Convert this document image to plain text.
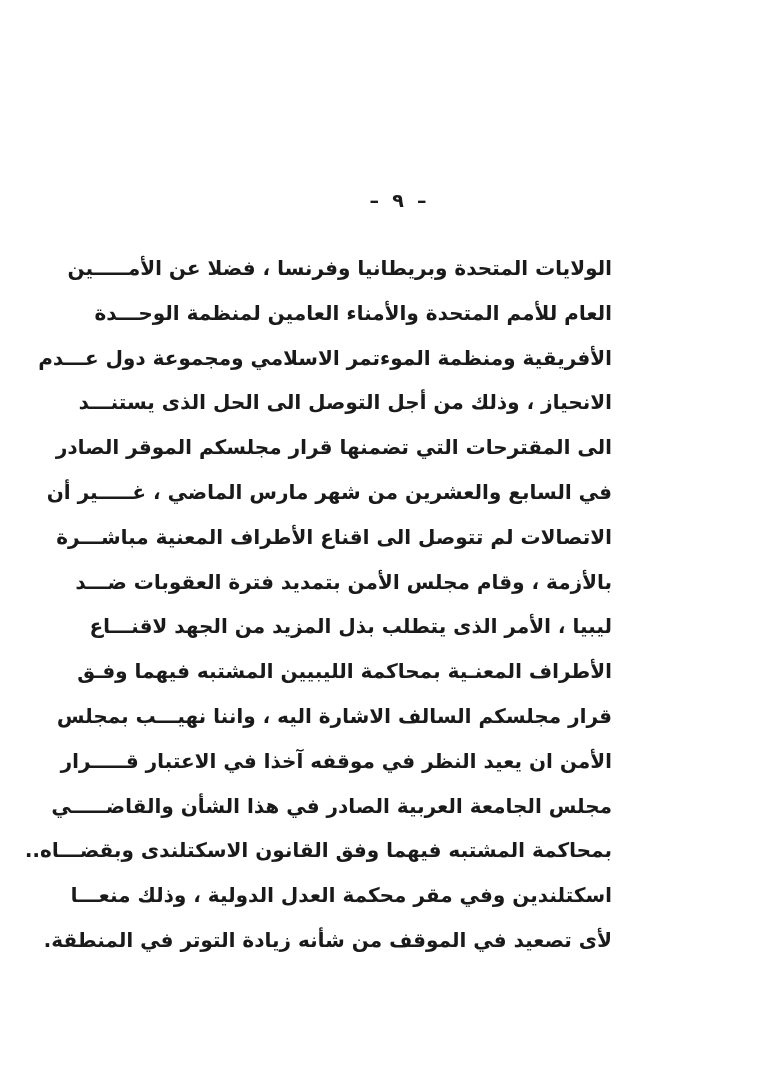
–  ٩  –
الولايات المتحدة وبريطانيا وفرنسا ، فضلا عن الأمـــــين
العام للأمم المتحدة والأمناء العامين لمنظمة الوحـــدة
الأفريقية ومنظمة الموءتمر الاسلامي ومجموعة دول عـــدم
الانحياز ، وذلك من أجل التوصل الى الحل الذى يستنـــد
الى المقترحات التي تضمنها قرار مجلسكم الموقر الصادر
في السابع والعشرين من شهر مارس الماضي ، غـــــير أن
الاتصالات لم تتوصل الى اقناع الأطراف المعنية مباشـــرة
بالأزمة ، وقام مجلس الأمن بتمديد فترة العقوبات ضـــد
ليبيا ، الأمر الذى يتطلب بذل المزيد من الجهد لاقنـــاع
الأطراف المعنـية بمحاكمة الليبيين المشتبه فيهما وفـق
قرار مجلسكم السالف الاشارة اليه ، واننا نهيـــب بمجلس
الأمن ان يعيد النظر في موقفه آخذا في الاعتبار قـــــرار
مجلس الجامعة العربية الصادر في هذا الشأن والقاضـــــي
بمحاكمة المشتبه فيهما وفق القانون الاسكتلندى وبقضـــاه..
اسكتلندين وفي مقر محكمة العدل الدولية ، وذلك منعـــا
لأى تصعيد في الموقف من شأنه زيادة التوتر في المنطقة.
